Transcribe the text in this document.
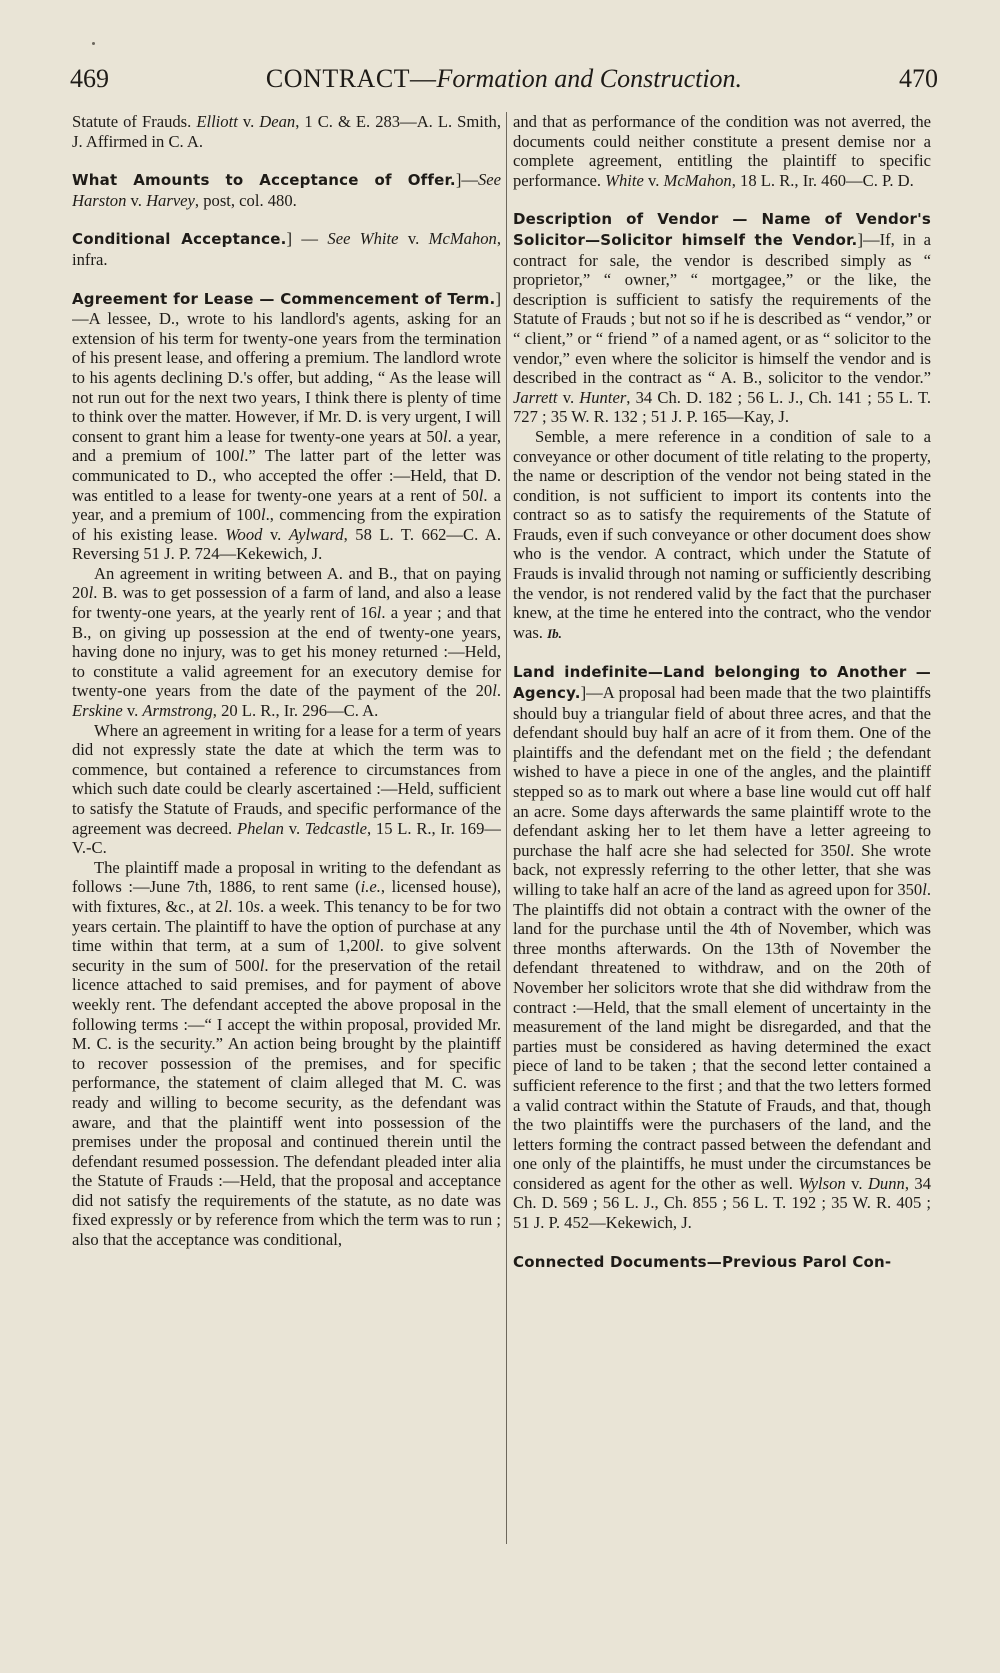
469	CONTRACT—Formation and Construction.	470

Statute of Frauds. Elliott v. Dean, 1 C. & E. 283—A. L. Smith, J. Affirmed in C. A.

What Amounts to Acceptance of Offer.]—See Harston v. Harvey, post, col. 480.

Conditional Acceptance.] — See White v. McMahon, infra.

Agreement for Lease — Commencement of Term.]—A lessee, D., wrote to his landlord's agents, asking for an extension of his term for twenty-one years from the termination of his present lease, and offering a premium. The landlord wrote to his agents declining D.'s offer, but adding, “ As the lease will not run out for the next two years, I think there is plenty of time to think over the matter. However, if Mr. D. is very urgent, I will consent to grant him a lease for twenty-one years at 50l. a year, and a premium of 100l.” The latter part of the letter was communicated to D., who accepted the offer :—Held, that D. was entitled to a lease for twenty-one years at a rent of 50l. a year, and a premium of 100l., commencing from the expiration of his existing lease. Wood v. Aylward, 58 L. T. 662—C. A. Reversing 51 J. P. 724—Kekewich, J.

An agreement in writing between A. and B., that on paying 20l. B. was to get possession of a farm of land, and also a lease for twenty-one years, at the yearly rent of 16l. a year ; and that B., on giving up possession at the end of twenty-one years, having done no injury, was to get his money returned :—Held, to constitute a valid agreement for an executory demise for twenty-one years from the date of the payment of the 20l. Erskine v. Armstrong, 20 L. R., Ir. 296—C. A.

Where an agreement in writing for a lease for a term of years did not expressly state the date at which the term was to commence, but contained a reference to circumstances from which such date could be clearly ascertained :—Held, sufficient to satisfy the Statute of Frauds, and specific performance of the agreement was decreed. Phelan v. Tedcastle, 15 L. R., Ir. 169—V.-C.

The plaintiff made a proposal in writing to the defendant as follows :—June 7th, 1886, to rent same (i.e., licensed house), with fixtures, &c., at 2l. 10s. a week. This tenancy to be for two years certain. The plaintiff to have the option of purchase at any time within that term, at a sum of 1,200l. to give solvent security in the sum of 500l. for the preservation of the retail licence attached to said premises, and for payment of above weekly rent. The defendant accepted the above proposal in the following terms :—“ I accept the within proposal, provided Mr. M. C. is the security.” An action being brought by the plaintiff to recover possession of the premises, and for specific performance, the statement of claim alleged that M. C. was ready and willing to become security, as the defendant was aware, and that the plaintiff went into possession of the premises under the proposal and continued therein until the defendant resumed possession. The defendant pleaded inter alia the Statute of Frauds :—Held, that the proposal and acceptance did not satisfy the requirements of the statute, as no date was fixed expressly or by reference from which the term was to run ; also that the acceptance was conditional,

and that as performance of the condition was not averred, the documents could neither constitute a present demise nor a complete agreement, entitling the plaintiff to specific performance. White v. McMahon, 18 L. R., Ir. 460—C. P. D.

Description of Vendor — Name of Vendor's Solicitor—Solicitor himself the Vendor.]—If, in a contract for sale, the vendor is described simply as “ proprietor,” “ owner,” “ mortgagee,” or the like, the description is sufficient to satisfy the requirements of the Statute of Frauds ; but not so if he is described as “ vendor,” or “ client,” or “ friend ” of a named agent, or as “ solicitor to the vendor,” even where the solicitor is himself the vendor and is described in the contract as “ A. B., solicitor to the vendor.” Jarrett v. Hunter, 34 Ch. D. 182 ; 56 L. J., Ch. 141 ; 55 L. T. 727 ; 35 W. R. 132 ; 51 J. P. 165—Kay, J.

Semble, a mere reference in a condition of sale to a conveyance or other document of title relating to the property, the name or description of the vendor not being stated in the condition, is not sufficient to import its contents into the contract so as to satisfy the requirements of the Statute of Frauds, even if such conveyance or other document does show who is the vendor. A contract, which under the Statute of Frauds is invalid through not naming or sufficiently describing the vendor, is not rendered valid by the fact that the purchaser knew, at the time he entered into the contract, who the vendor was. Ib.

Land indefinite—Land belonging to Another —Agency.]—A proposal had been made that the two plaintiffs should buy a triangular field of about three acres, and that the defendant should buy half an acre of it from them. One of the plaintiffs and the defendant met on the field ; the defendant wished to have a piece in one of the angles, and the plaintiff stepped so as to mark out where a base line would cut off half an acre. Some days afterwards the same plaintiff wrote to the defendant asking her to let them have a letter agreeing to purchase the half acre she had selected for 350l. She wrote back, not expressly referring to the other letter, that she was willing to take half an acre of the land as agreed upon for 350l. The plaintiffs did not obtain a contract with the owner of the land for the purchase until the 4th of November, which was three months afterwards. On the 13th of November the defendant threatened to withdraw, and on the 20th of November her solicitors wrote that she did withdraw from the contract :—Held, that the small element of uncertainty in the measurement of the land might be disregarded, and that the parties must be considered as having determined the exact piece of land to be taken ; that the second letter contained a sufficient reference to the first ; and that the two letters formed a valid contract within the Statute of Frauds, and that, though the two plaintiffs were the purchasers of the land, and the letters forming the contract passed between the defendant and one only of the plaintiffs, he must under the circumstances be considered as agent for the other as well. Wylson v. Dunn, 34 Ch. D. 569 ; 56 L. J., Ch. 855 ; 56 L. T. 192 ; 35 W. R. 405 ; 51 J. P. 452—Kekewich, J.

Connected Documents—Previous Parol Con-
